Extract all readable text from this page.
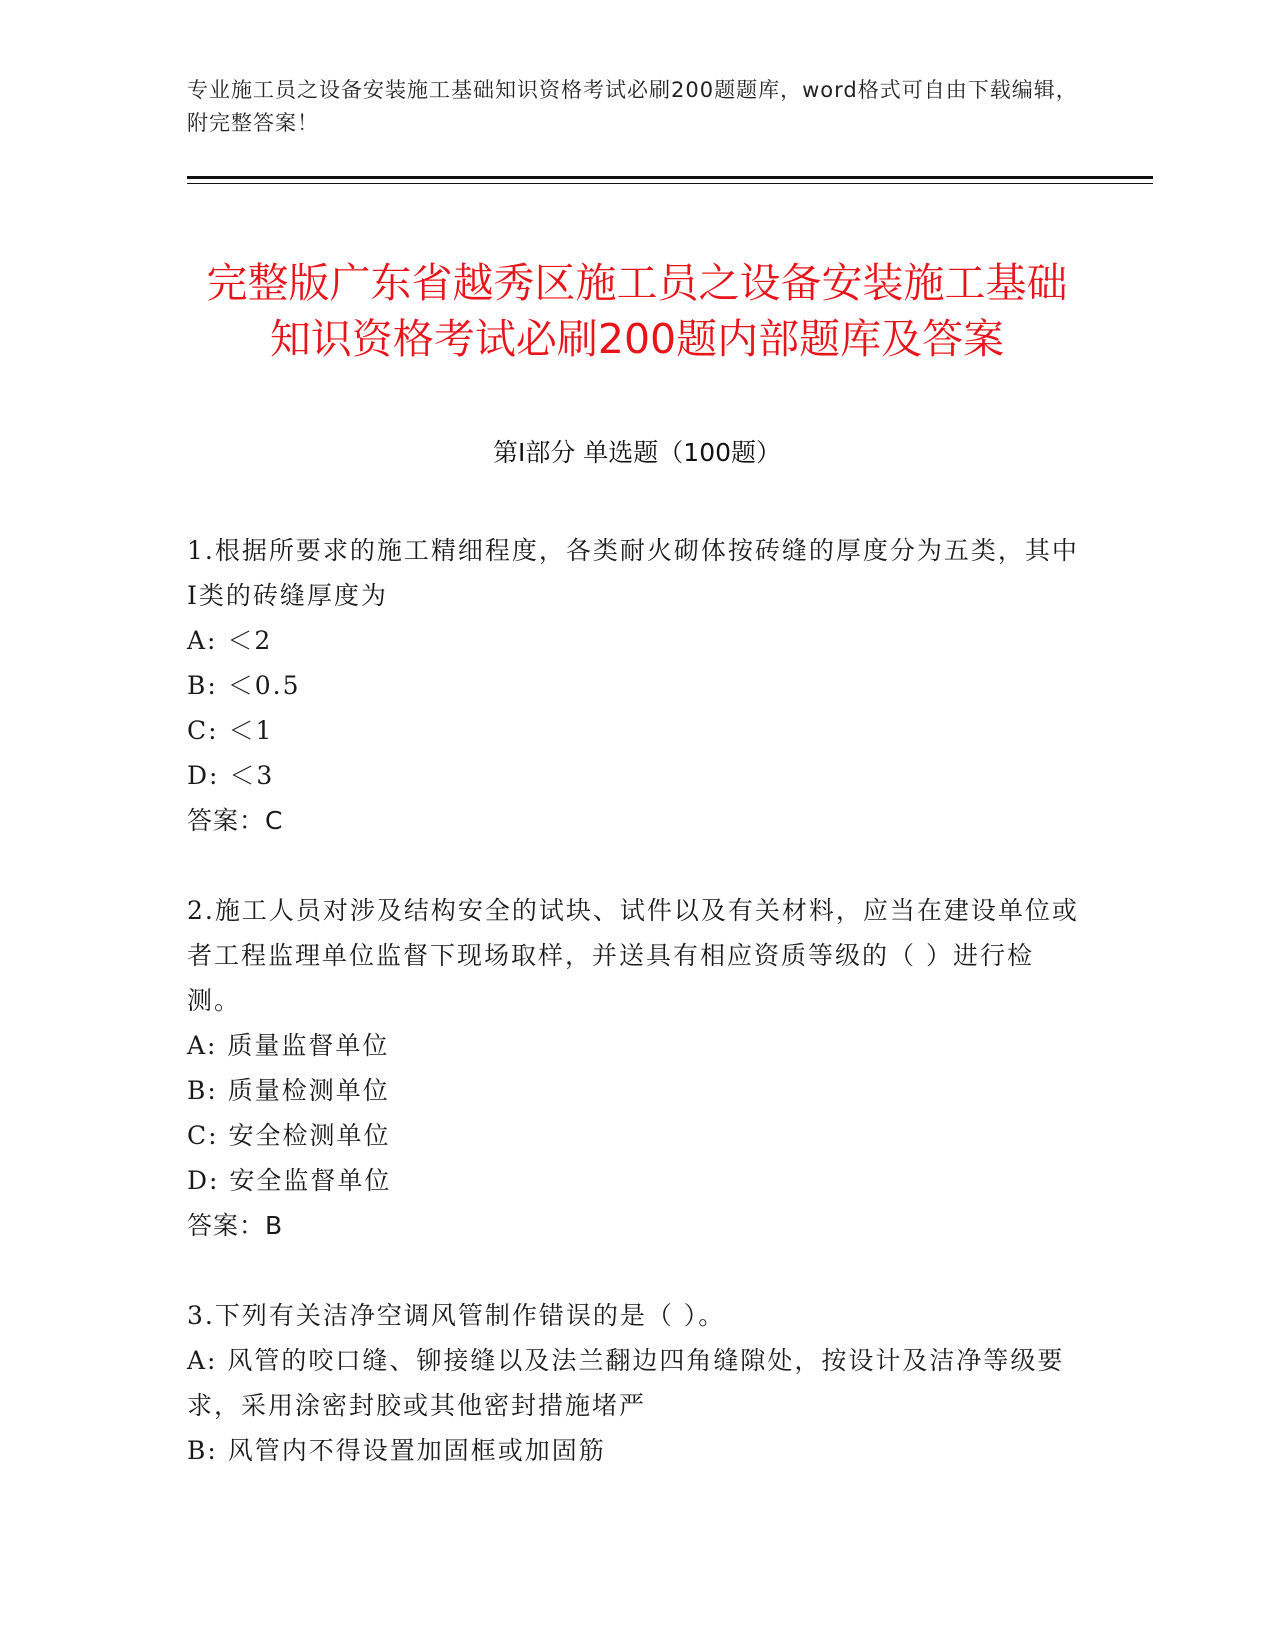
专业施工员之设备安装施工基础知识资格考试必刷200题题库，word格式可自由下载编辑，附完整答案！
完整版广东省越秀区施工员之设备安装施工基础知识资格考试必刷200题内部题库及答案
第Ⅰ部分 单选题（100题）

1.根据所要求的施工精细程度，各类耐火砌体按砖缝的厚度分为五类，其中Ⅰ类的砖缝厚度为

A: ＜2

B: ＜0.5

C: ＜1

D: ＜3

答案：C

2.施工人员对涉及结构安全的试块、试件以及有关材料，应当在建设单位或者工程监理单位监督下现场取样，并送具有相应资质等级的（ ）进行检测。

A: 质量监督单位

B: 质量检测单位

C: 安全检测单位

D: 安全监督单位

答案：B

3.下列有关洁净空调风管制作错误的是（ ）。

A: 风管的咬口缝、铆接缝以及法兰翻边四角缝隙处，按设计及洁净等级要求，采用涂密封胶或其他密封措施堵严

B: 风管内不得设置加固框或加固筋
